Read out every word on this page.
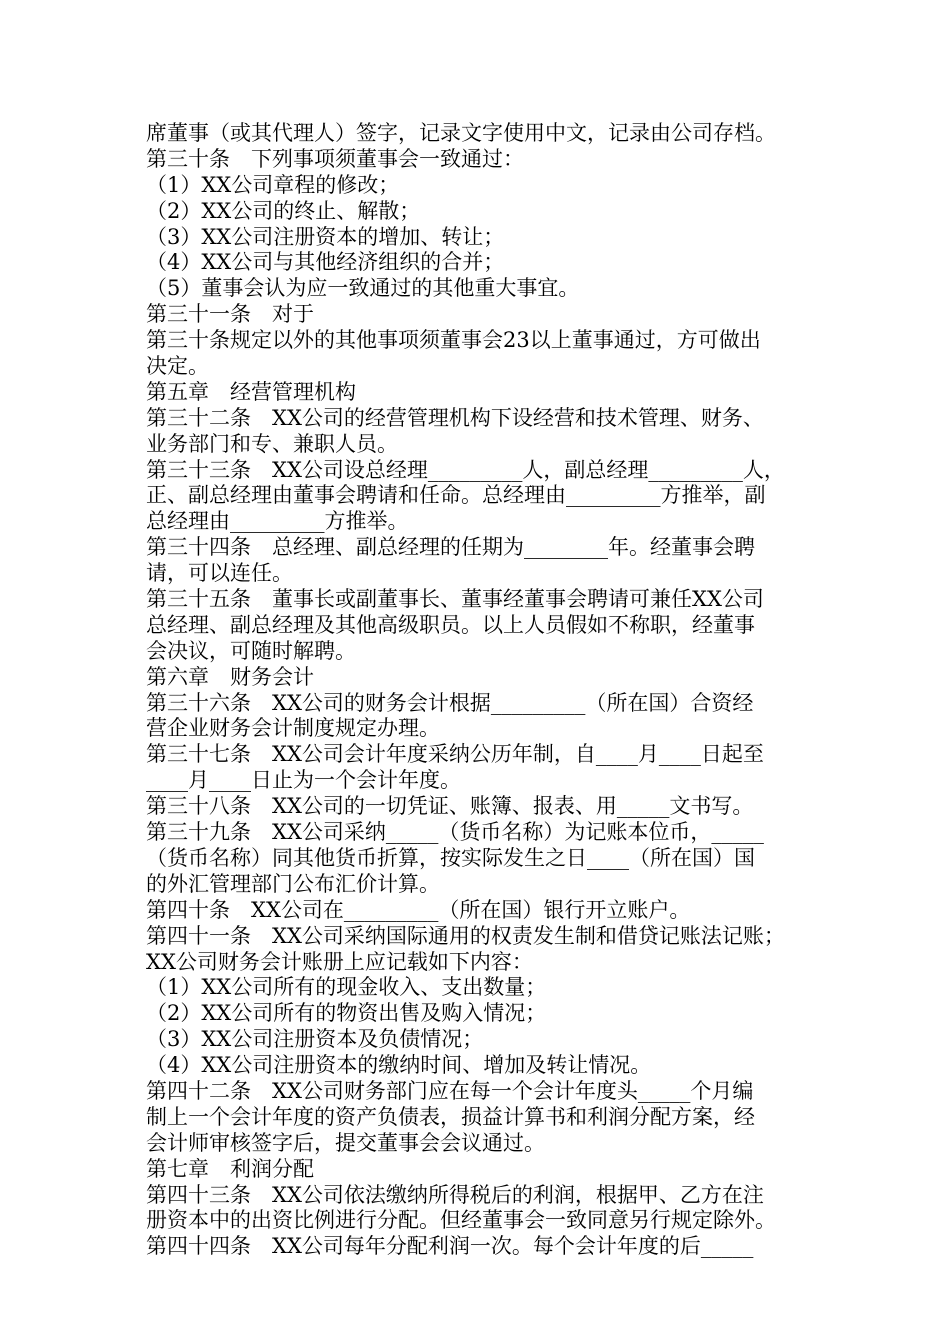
席董事（或其代理人）签字，记录文字使用中文，记录由公司存档。
第三十条　下列事项须董事会一致通过：
（1）XX公司章程的修改；
（2）XX公司的终止、解散；
（3）XX公司注册资本的增加、转让；
（4）XX公司与其他经济组织的合并；
（5）董事会认为应一致通过的其他重大事宜。
第三十一条　对于
第三十条规定以外的其他事项须董事会23以上董事通过，方可做出
决定。
第五章　经营管理机构
第三十二条　XX公司的经营管理机构下设经营和技术管理、财务、
业务部门和专、兼职人员。
第三十三条　XX公司设总经理_________人，副总经理_________人，
正、副总经理由董事会聘请和任命。总经理由_________方推举，副
总经理由_________方推举。
第三十四条　总经理、副总经理的任期为________年。经董事会聘
请，可以连任。
第三十五条　董事长或副董事长、董事经董事会聘请可兼任XX公司
总经理、副总经理及其他高级职员。以上人员假如不称职，经董事
会决议，可随时解聘。
第六章　财务会计
第三十六条　XX公司的财务会计根据_________（所在国）合资经
营企业财务会计制度规定办理。
第三十七条　XX公司会计年度采纳公历年制，自____月____日起至
____月____日止为一个会计年度。
第三十八条　XX公司的一切凭证、账簿、报表、用_____文书写。
第三十九条　XX公司采纳_____（货币名称）为记账本位币，_____
（货币名称）同其他货币折算，按实际发生之日____（所在国）国
的外汇管理部门公布汇价计算。
第四十条　XX公司在_________（所在国）银行开立账户。
第四十一条　XX公司采纳国际通用的权责发生制和借贷记账法记账；
XX公司财务会计账册上应记载如下内容：
（1）XX公司所有的现金收入、支出数量；
（2）XX公司所有的物资出售及购入情况；
（3）XX公司注册资本及负债情况；
（4）XX公司注册资本的缴纳时间、增加及转让情况。
第四十二条　XX公司财务部门应在每一个会计年度头_____个月编
制上一个会计年度的资产负债表，损益计算书和利润分配方案，经
会计师审核签字后，提交董事会会议通过。
第七章　利润分配
第四十三条　XX公司依法缴纳所得税后的利润，根据甲、乙方在注
册资本中的出资比例进行分配。但经董事会一致同意另行规定除外。
第四十四条　XX公司每年分配利润一次。每个会计年度的后_____
